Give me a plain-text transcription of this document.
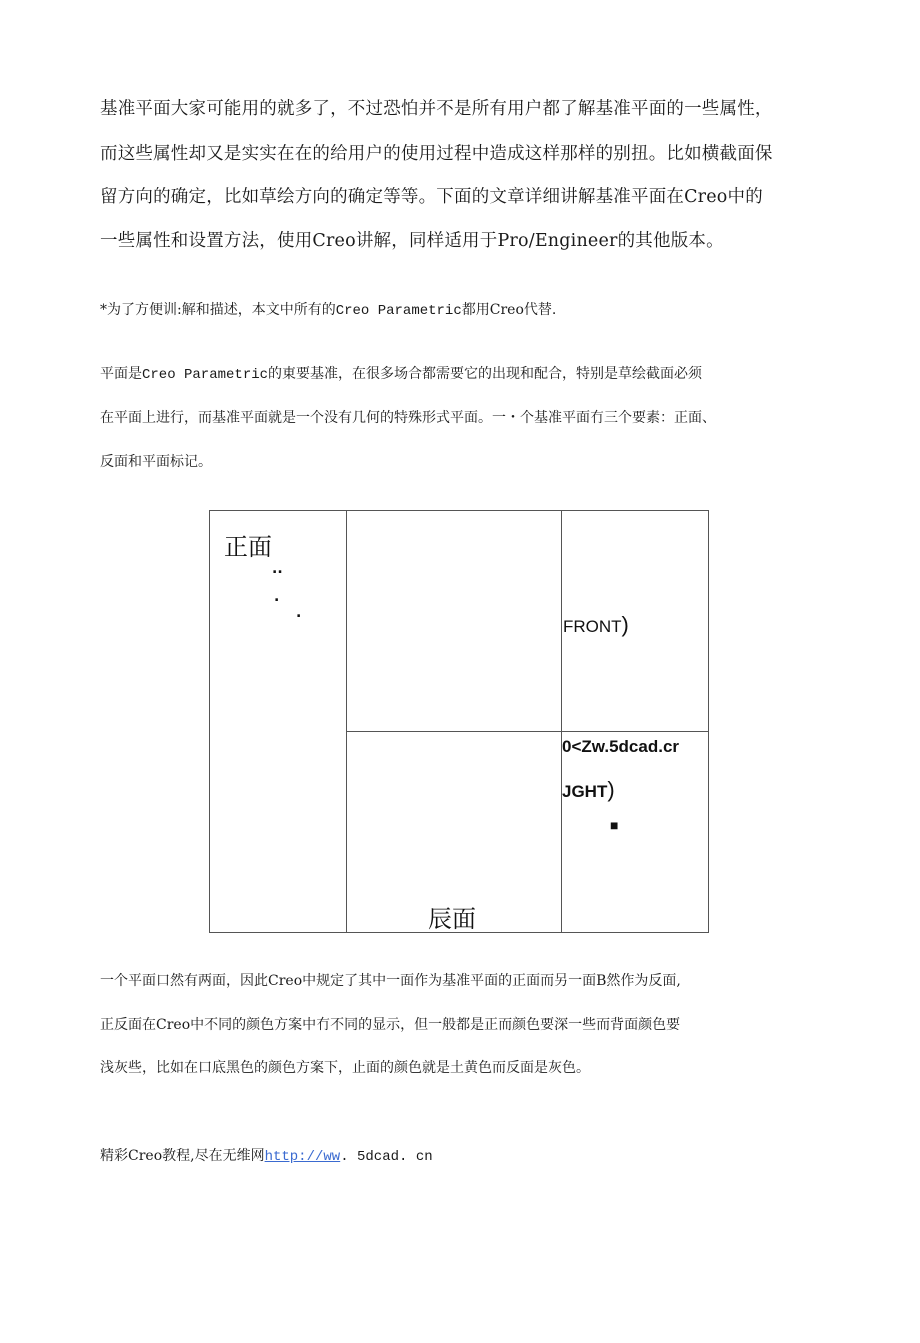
基准平面大家可能用的就多了，不过恐怕并不是所有用户都了解基准平面的一些属性，
而这些属性却又是实实在在的给用户的使用过程中造成这样那样的别扭。比如横截面保
留方向的确定，比如草绘方向的确定等等。下面的文章详细讲解基准平面在Creo中的
一些属性和设置方法，使用Creo讲解，同样适用于Pro/Engineer的其他版本。
*为了方便训:解和描述，本文中所有的Creo Parametric都用Creo代替.
平面是Creo Parametric的東要基准，在很多场合都需要它的出现和配合，特别是草绘截面必须
在平面上进行，而基准平面就是一个没有几何的特殊形式平面。一・个基准平面冇三个要素：正面、
反面和平面标记。
正面
..
.
.
FRONT)
0<Zw.5dcad.cr
JGHT)
■
辰面
一个平面口然有两面，因此Creo中规定了其中一面作为基准平面的正面而另一面B然作为反面,
正反面在Creo中不同的颜色方案中冇不同的显示，但一般都是正而颜色要深一些而背面颜色要
浅灰些，比如在口底黑色的颜色方案下，止面的颜色就是土黄色而反面是灰色。
精彩Creo教程,尽在无维网http://ww. 5dcad. cn
